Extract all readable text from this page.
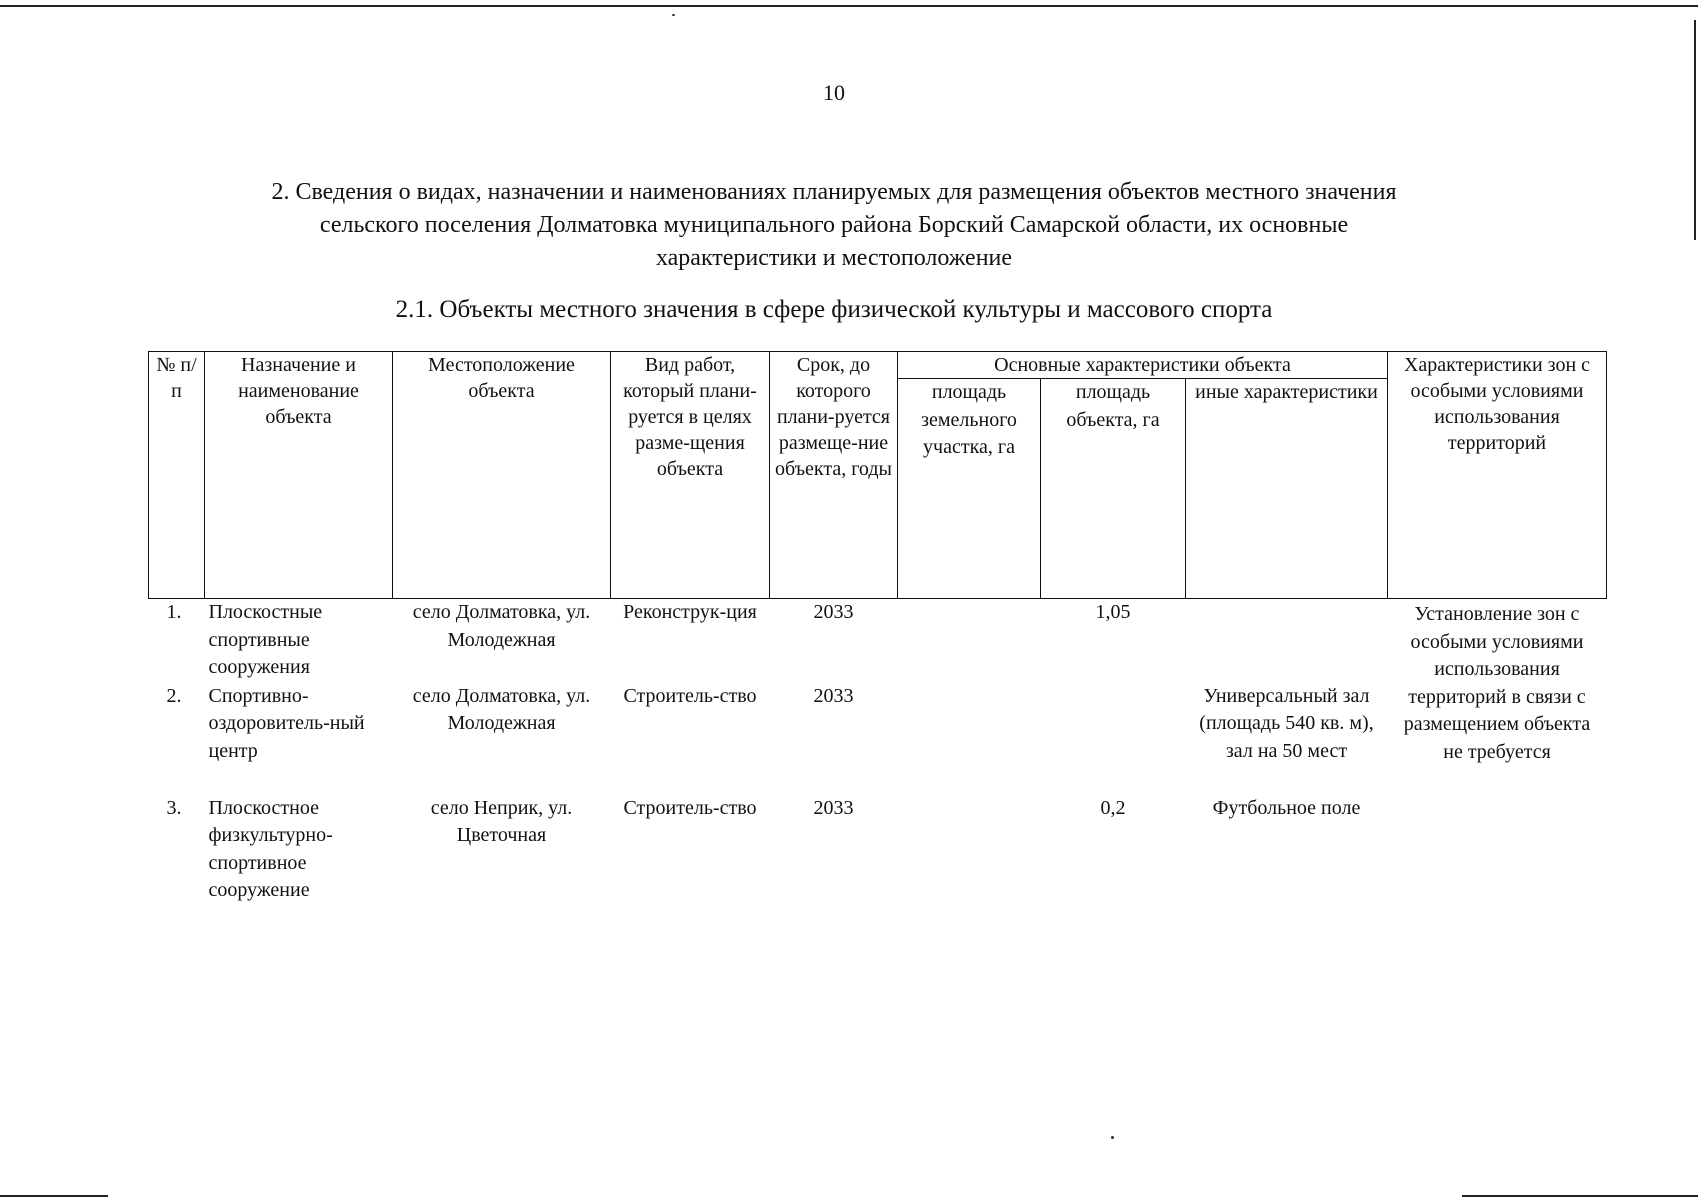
10
2. Сведения о видах, назначении и наименованиях планируемых для размещения объектов местного значения
сельского поселения Долматовка муниципального района Борский Самарской области, их основные
характеристики и местоположение
2.1. Объекты местного значения в сфере физической культуры и массового спорта
№ п/п	Назначение и наименование объекта	Местоположение объекта	Вид работ, который плани-руется в целях разме-щения объекта	Срок, до которого плани-руется размеще-ние объекта, годы	Основные характеристики объекта			Характеристики зон с особыми условиями использования территорий
					площадь земельного участка, га	площадь объекта, га	иные характеристики	
1.	Плоскостные спортивные сооружения	село Долматовка, ул. Молодежная	Реконструк-ция	2033		1,05		Установление зон с особыми условиями использования территорий в связи с размещением объекта не требуется
2.	Спортивно-оздоровитель-ный центр	село Долматовка, ул. Молодежная	Строитель-ство	2033			Универсальный зал (площадь 540 кв. м), зал на 50 мест	
3.	Плоскостное физкультурно-спортивное сооружение	село Неприк, ул. Цветочная	Строитель-ство	2033		0,2	Футбольное поле	
